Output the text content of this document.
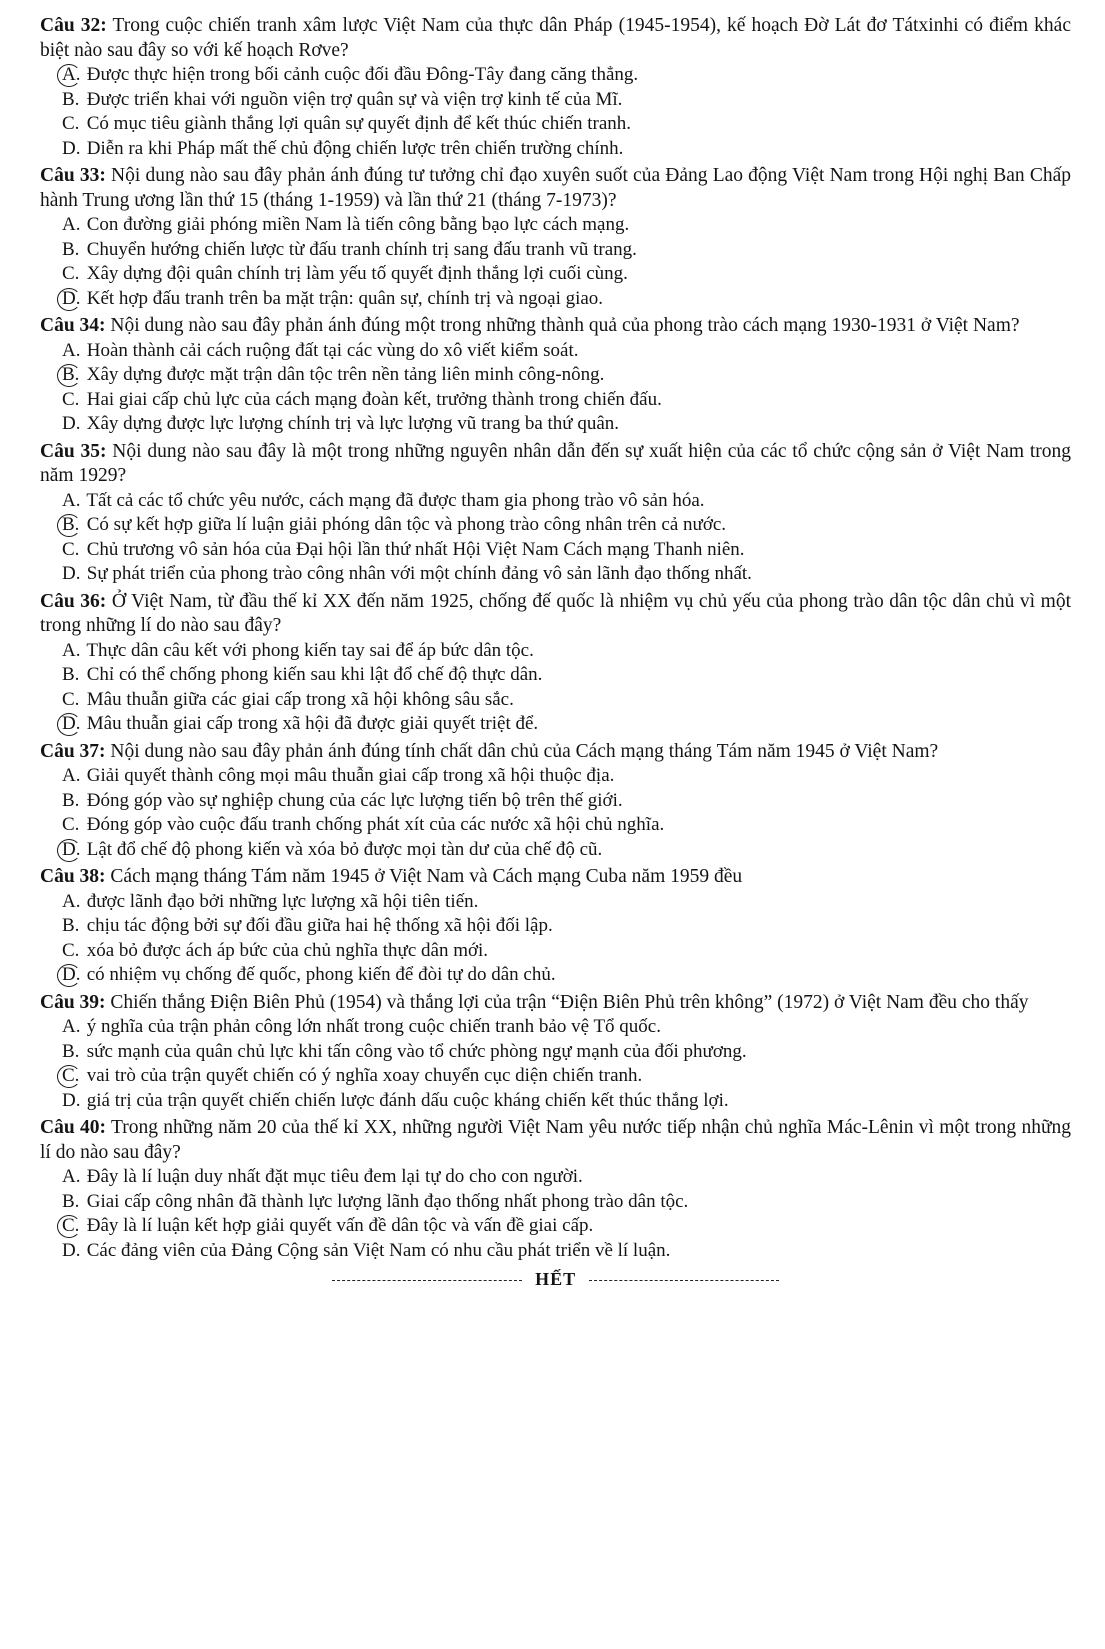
Câu 32: Trong cuộc chiến tranh xâm lược Việt Nam của thực dân Pháp (1945-1954), kế hoạch Đờ Lát đơ Tátxinhi có điểm khác biệt nào sau đây so với kế hoạch Rơve?

A. Được thực hiện trong bối cảnh cuộc đối đầu Đông-Tây đang căng thẳng.
B. Được triển khai với nguồn viện trợ quân sự và viện trợ kinh tế của Mĩ.
C. Có mục tiêu giành thắng lợi quân sự quyết định để kết thúc chiến tranh.
D. Diễn ra khi Pháp mất thế chủ động chiến lược trên chiến trường chính.

Câu 33: Nội dung nào sau đây phản ánh đúng tư tưởng chỉ đạo xuyên suốt của Đảng Lao động Việt Nam trong Hội nghị Ban Chấp hành Trung ương lần thứ 15 (tháng 1-1959) và lần thứ 21 (tháng 7-1973)?

A. Con đường giải phóng miền Nam là tiến công bằng bạo lực cách mạng.
B. Chuyển hướng chiến lược từ đấu tranh chính trị sang đấu tranh vũ trang.
C. Xây dựng đội quân chính trị làm yếu tố quyết định thắng lợi cuối cùng.
D. Kết hợp đấu tranh trên ba mặt trận: quân sự, chính trị và ngoại giao.

Câu 34: Nội dung nào sau đây phản ánh đúng một trong những thành quả của phong trào cách mạng 1930-1931 ở Việt Nam?

A. Hoàn thành cải cách ruộng đất tại các vùng do xô viết kiểm soát.
B. Xây dựng được mặt trận dân tộc trên nền tảng liên minh công-nông.
C. Hai giai cấp chủ lực của cách mạng đoàn kết, trưởng thành trong chiến đấu.
D. Xây dựng được lực lượng chính trị và lực lượng vũ trang ba thứ quân.

Câu 35: Nội dung nào sau đây là một trong những nguyên nhân dẫn đến sự xuất hiện của các tổ chức cộng sản ở Việt Nam trong năm 1929?

A. Tất cả các tổ chức yêu nước, cách mạng đã được tham gia phong trào vô sản hóa.
B. Có sự kết hợp giữa lí luận giải phóng dân tộc và phong trào công nhân trên cả nước.
C. Chủ trương vô sản hóa của Đại hội lần thứ nhất Hội Việt Nam Cách mạng Thanh niên.
D. Sự phát triển của phong trào công nhân với một chính đảng vô sản lãnh đạo thống nhất.

Câu 36: Ở Việt Nam, từ đầu thế kỉ XX đến năm 1925, chống đế quốc là nhiệm vụ chủ yếu của phong trào dân tộc dân chủ vì một trong những lí do nào sau đây?

A. Thực dân câu kết với phong kiến tay sai để áp bức dân tộc.
B. Chỉ có thể chống phong kiến sau khi lật đổ chế độ thực dân.
C. Mâu thuẫn giữa các giai cấp trong xã hội không sâu sắc.
D. Mâu thuẫn giai cấp trong xã hội đã được giải quyết triệt để.

Câu 37: Nội dung nào sau đây phản ánh đúng tính chất dân chủ của Cách mạng tháng Tám năm 1945 ở Việt Nam?

A. Giải quyết thành công mọi mâu thuẫn giai cấp trong xã hội thuộc địa.
B. Đóng góp vào sự nghiệp chung của các lực lượng tiến bộ trên thế giới.
C. Đóng góp vào cuộc đấu tranh chống phát xít của các nước xã hội chủ nghĩa.
D. Lật đổ chế độ phong kiến và xóa bỏ được mọi tàn dư của chế độ cũ.

Câu 38: Cách mạng tháng Tám năm 1945 ở Việt Nam và Cách mạng Cuba năm 1959 đều

A. được lãnh đạo bởi những lực lượng xã hội tiên tiến.
B. chịu tác động bởi sự đối đầu giữa hai hệ thống xã hội đối lập.
C. xóa bỏ được ách áp bức của chủ nghĩa thực dân mới.
D. có nhiệm vụ chống đế quốc, phong kiến để đòi tự do dân chủ.

Câu 39: Chiến thắng Điện Biên Phủ (1954) và thắng lợi của trận “Điện Biên Phủ trên không” (1972) ở Việt Nam đều cho thấy

A. ý nghĩa của trận phản công lớn nhất trong cuộc chiến tranh bảo vệ Tổ quốc.
B. sức mạnh của quân chủ lực khi tấn công vào tổ chức phòng ngự mạnh của đối phương.
C. vai trò của trận quyết chiến có ý nghĩa xoay chuyển cục diện chiến tranh.
D. giá trị của trận quyết chiến chiến lược đánh dấu cuộc kháng chiến kết thúc thắng lợi.

Câu 40: Trong những năm 20 của thế kỉ XX, những người Việt Nam yêu nước tiếp nhận chủ nghĩa Mác-Lênin vì một trong những lí do nào sau đây?

A. Đây là lí luận duy nhất đặt mục tiêu đem lại tự do cho con người.
B. Giai cấp công nhân đã thành lực lượng lãnh đạo thống nhất phong trào dân tộc.
C. Đây là lí luận kết hợp giải quyết vấn đề dân tộc và vấn đề giai cấp.
D. Các đảng viên của Đảng Cộng sản Việt Nam có nhu cầu phát triển về lí luận.
HẾT
